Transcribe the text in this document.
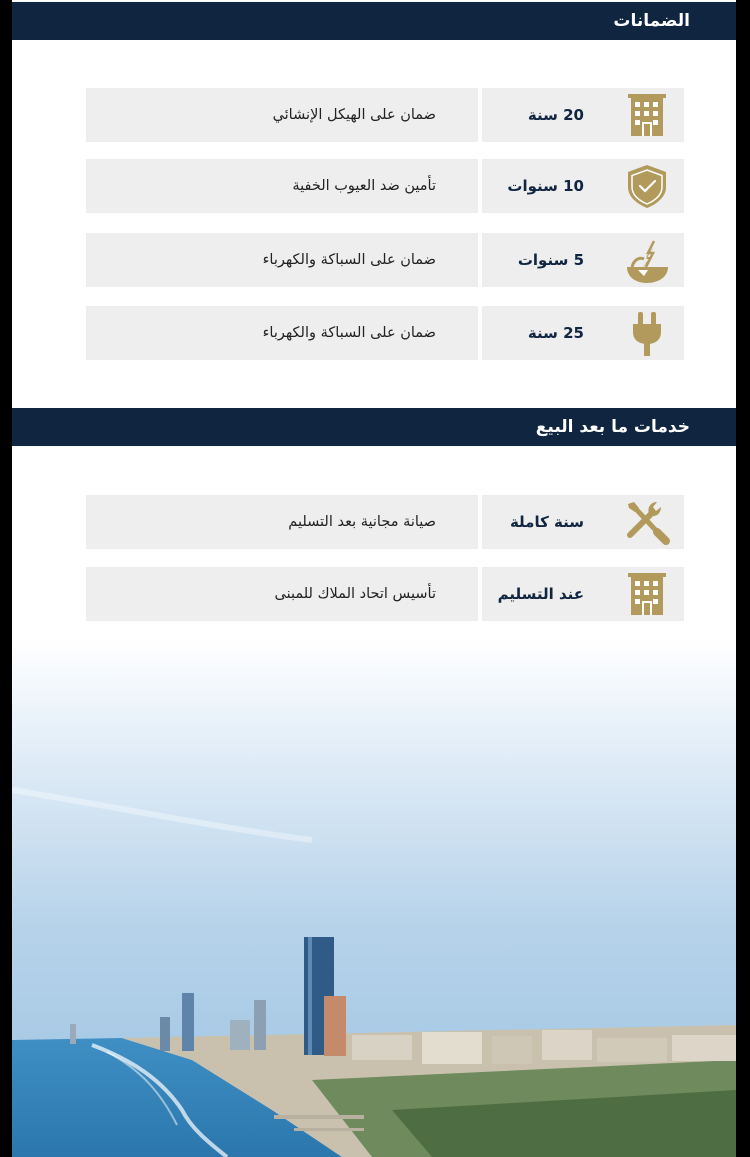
الضمانات
ضمان على الهيكل الإنشائي	20 سنة
تأمين ضد العيوب الخفية	10 سنوات
ضمان على السباكة والكهرباء	5 سنوات
ضمان على السباكة والكهرباء	25 سنة
خدمات ما بعد البيع
صيانة مجانية بعد التسليم	سنة كاملة
تأسيس اتحاد الملاك للمبنى	عند التسليم
